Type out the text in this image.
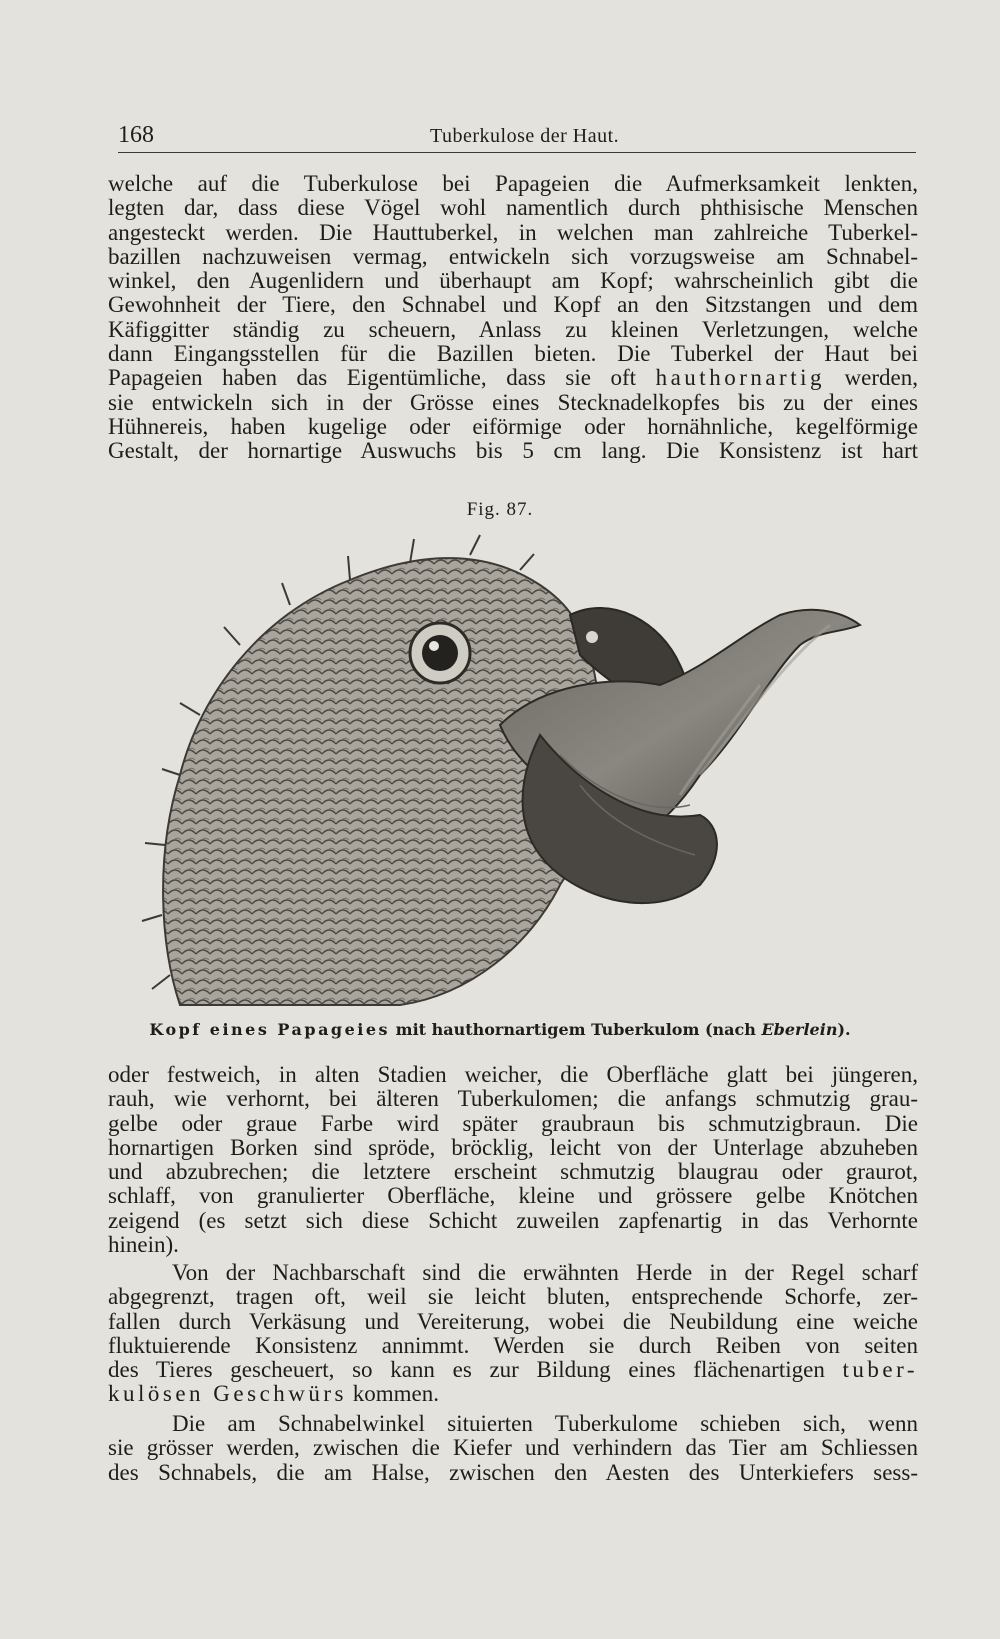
168	Tuberkulose der Haut.
welche auf die Tuberkulose bei Papageien die Aufmerksamkeit lenkten,
legten dar, dass diese Vögel wohl namentlich durch phthisische Menschen
angesteckt werden. Die Hauttuberkel, in welchen man zahlreiche Tuberkel-
bazillen nachzuweisen vermag, entwickeln sich vorzugsweise am Schnabel-
winkel, den Augenlidern und überhaupt am Kopf; wahrscheinlich gibt die
Gewohnheit der Tiere, den Schnabel und Kopf an den Sitzstangen und dem
Käfiggitter ständig zu scheuern, Anlass zu kleinen Verletzungen, welche
dann Eingangsstellen für die Bazillen bieten. Die Tuberkel der Haut bei
Papageien haben das Eigentümliche, dass sie oft hauthornartig werden,
sie entwickeln sich in der Grösse eines Stecknadelkopfes bis zu der eines
Hühnereis, haben kugelige oder eiförmige oder hornähnliche, kegelförmige
Gestalt, der hornartige Auswuchs bis 5 cm lang. Die Konsistenz ist hart
Fig. 87.
Kopf eines Papageies mit hauthornartigem Tuberkulom (nach Eberlein).
oder festweich, in alten Stadien weicher, die Oberfläche glatt bei jüngeren,
rauh, wie verhornt, bei älteren Tuberkulomen; die anfangs schmutzig grau-
gelbe oder graue Farbe wird später graubraun bis schmutzigbraun. Die
hornartigen Borken sind spröde, bröcklig, leicht von der Unterlage abzuheben
und abzubrechen; die letztere erscheint schmutzig blaugrau oder graurot,
schlaff, von granulierter Oberfläche, kleine und grössere gelbe Knötchen
zeigend (es setzt sich diese Schicht zuweilen zapfenartig in das Verhornte
hinein).
Von der Nachbarschaft sind die erwähnten Herde in der Regel scharf
abgegrenzt, tragen oft, weil sie leicht bluten, entsprechende Schorfe, zer-
fallen durch Verkäsung und Vereiterung, wobei die Neubildung eine weiche
fluktuierende Konsistenz annimmt. Werden sie durch Reiben von seiten
des Tieres gescheuert, so kann es zur Bildung eines flächenartigen tuber-
kulösen Geschwürs kommen.
Die am Schnabelwinkel situierten Tuberkulome schieben sich, wenn
sie grösser werden, zwischen die Kiefer und verhindern das Tier am Schliessen
des Schnabels, die am Halse, zwischen den Aesten des Unterkiefers sess-
